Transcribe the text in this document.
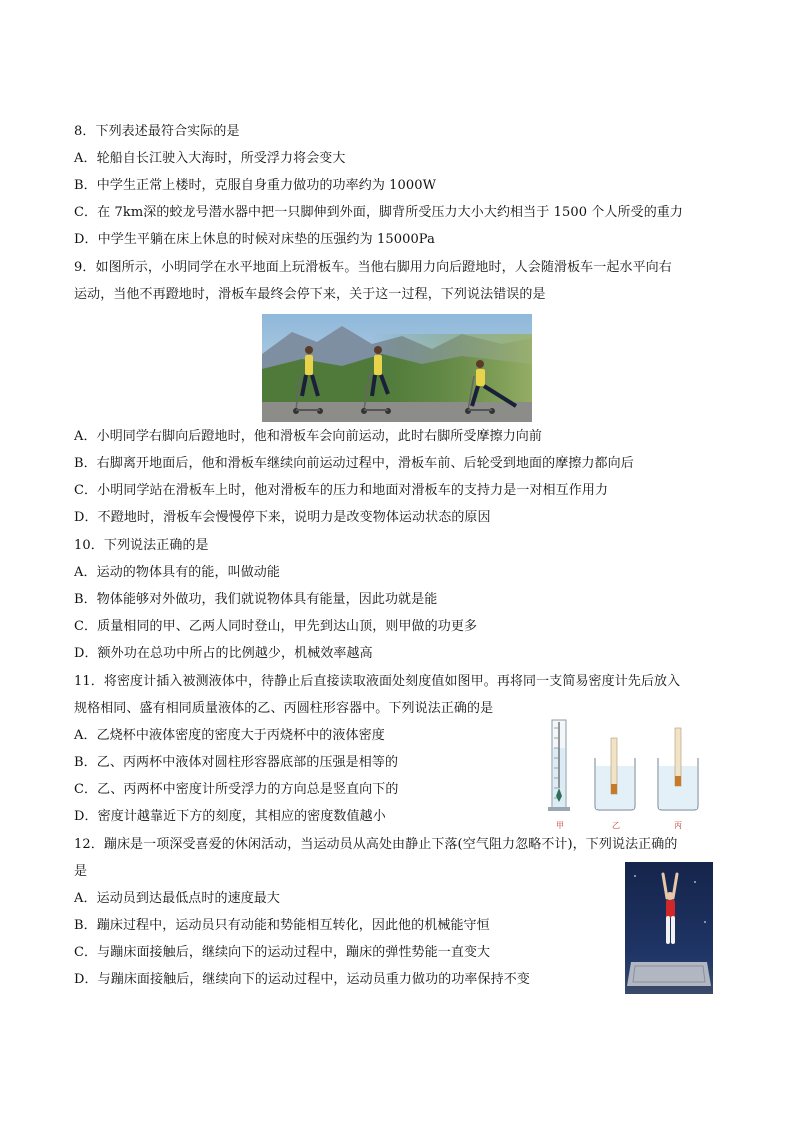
8．下列表述最符合实际的是
A．轮船自长江驶入大海时，所受浮力将会变大
B．中学生正常上楼时，克服自身重力做功的功率约为 1000W
C．在 7km深的蛟龙号潜水器中把一只脚伸到外面，脚背所受压力大小大约相当于 1500 个人所受的重力
D．中学生平躺在床上休息的时候对床垫的压强约为 15000Pa
9．如图所示，小明同学在水平地面上玩滑板车。当他右脚用力向后蹬地时，人会随滑板车一起水平向右
运动，当他不再蹬地时，滑板车最终会停下来，关于这一过程，下列说法错误的是
A．小明同学右脚向后蹬地时，他和滑板车会向前运动，此时右脚所受摩擦力向前
B．右脚离开地面后，他和滑板车继续向前运动过程中，滑板车前、后轮受到地面的摩擦力都向后
C．小明同学站在滑板车上时，他对滑板车的压力和地面对滑板车的支持力是一对相互作用力
D．不蹬地时，滑板车会慢慢停下来，说明力是改变物体运动状态的原因
10．下列说法正确的是
A．运动的物体具有的能，叫做动能
B．物体能够对外做功，我们就说物体具有能量，因此功就是能
C．质量相同的甲、乙两人同时登山，甲先到达山顶，则甲做的功更多
D．额外功在总功中所占的比例越少，机械效率越高
11．将密度计插入被测液体中，待静止后直接读取液面处刻度值如图甲。再将同一支简易密度计先后放入
规格相同、盛有相同质量液体的乙、丙圆柱形容器中。下列说法正确的是
A．乙烧杯中液体密度的密度大于丙烧杯中的液体密度
B．乙、丙两杯中液体对圆柱形容器底部的压强是相等的
C．乙、丙两杯中密度计所受浮力的方向总是竖直向下的
D．密度计越靠近下方的刻度，其相应的密度数值越小
甲	乙	丙
12．蹦床是一项深受喜爱的休闲活动，当运动员从高处由静止下落(空气阻力忽略不计)，下列说法正确的
是
A．运动员到达最低点时的速度最大
B．蹦床过程中，运动员只有动能和势能相互转化，因此他的机械能守恒
C．与蹦床面接触后，继续向下的运动过程中，蹦床的弹性势能一直变大
D．与蹦床面接触后，继续向下的运动过程中，运动员重力做功的功率保持不变
